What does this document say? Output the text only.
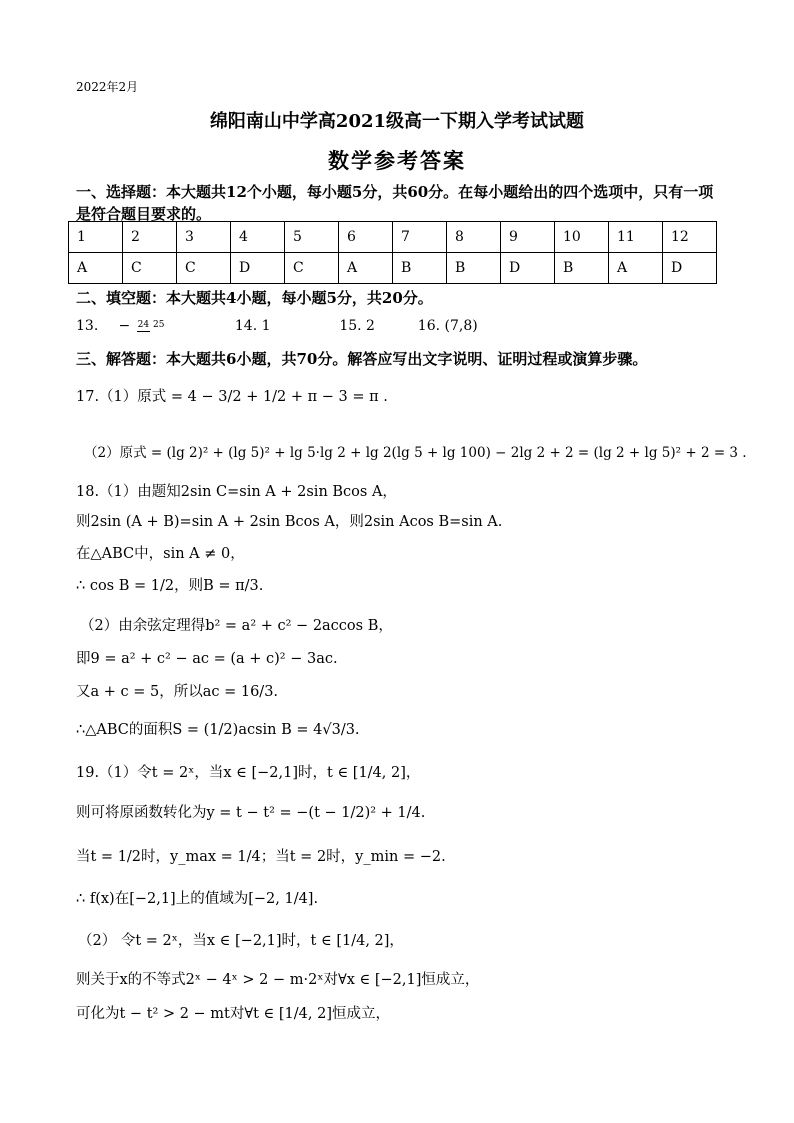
2022年2月
绵阳南山中学高2021级高一下期入学考试试题
数学参考答案
一、选择题：本大题共12个小题，每小题5分，共60分。在每小题给出的四个选项中，只有一项是符合题目要求的。
1	2	3	4	5	6	7	8	9	10	11	12
A	C	C	D	C	A	B	B	D	B	A	D
二、填空题：本大题共4小题，每小题5分，共20分。
13. − 24 25	14. 1	15. 2	16. (7,8)
三、解答题：本大题共6小题，共70分。解答应写出文字说明、证明过程或演算步骤。
17.（1）原式 = 4 − 3/2 + 1/2 + π − 3 = π .
（2）原式 = (lg 2)² + (lg 5)² + lg 5·lg 2 + lg 2(lg 5 + lg 100) − 2lg 2 + 2 = (lg 2 + lg 5)² + 2 = 3 .
18.（1）由题知2sin C=sin A + 2sin Bcos A，
则2sin (A + B)=sin A + 2sin Bcos A，则2sin Acos B=sin A.
在△ABC中，sin A ≠ 0，
∴ cos B = 1/2，则B = π/3.
（2）由余弦定理得b² = a² + c² − 2accos B，
即9 = a² + c² − ac = (a + c)² − 3ac.
又a + c = 5，所以ac = 16/3.
∴△ABC的面积S = (1/2)acsin B = 4√3/3.
19.（1）令t = 2ˣ，当x ∈ [−2,1]时，t ∈ [1/4, 2]，
则可将原函数转化为y = t − t² = −(t − 1/2)² + 1/4.
当t = 1/2时，y_max = 1/4；当t = 2时，y_min = −2.
∴ f(x)在[−2,1]上的值域为[−2, 1/4].
（2） 令t = 2ˣ，当x ∈ [−2,1]时，t ∈ [1/4, 2]，
则关于x的不等式2ˣ − 4ˣ > 2 − m·2ˣ对∀x ∈ [−2,1]恒成立，
可化为t − t² > 2 − mt对∀t ∈ [1/4, 2]恒成立，
